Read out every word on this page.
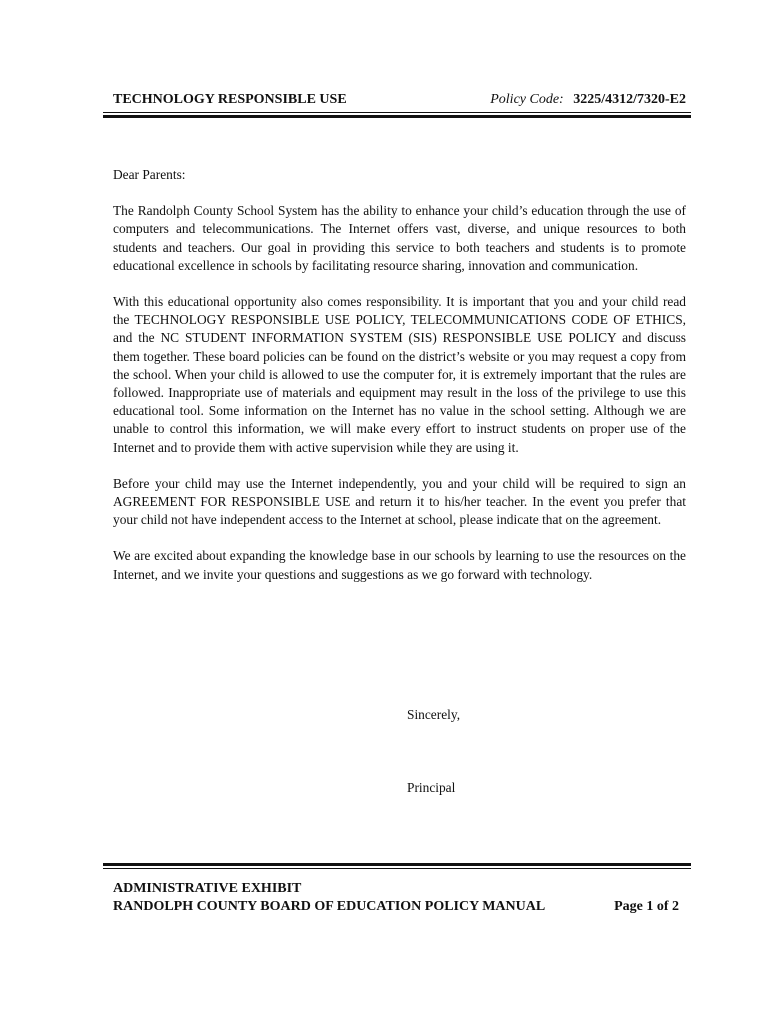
TECHNOLOGY RESPONSIBLE USE	Policy Code: 3225/4312/7320-E2

Dear Parents:

The Randolph County School System has the ability to enhance your child’s education through the use of computers and telecommunications. The Internet offers vast, diverse, and unique resources to both students and teachers. Our goal in providing this service to both teachers and students is to promote educational excellence in schools by facilitating resource sharing, innovation and communication.

With this educational opportunity also comes responsibility. It is important that you and your child read the TECHNOLOGY RESPONSIBLE USE POLICY, TELECOMMUNICATIONS CODE OF ETHICS, and the NC STUDENT INFORMATION SYSTEM (SIS) RESPONSIBLE USE POLICY and discuss them together. These board policies can be found on the district’s website or you may request a copy from the school. When your child is allowed to use the computer for, it is extremely important that the rules are followed. Inappropriate use of materials and equipment may result in the loss of the privilege to use this educational tool. Some information on the Internet has no value in the school setting. Although we are unable to control this information, we will make every effort to instruct students on proper use of the Internet and to provide them with active supervision while they are using it.

Before your child may use the Internet independently, you and your child will be required to sign an AGREEMENT FOR RESPONSIBLE USE and return it to his/her teacher. In the event you prefer that your child not have independent access to the Internet at school, please indicate that on the agreement.

We are excited about expanding the knowledge base in our schools by learning to use the resources on the Internet, and we invite your questions and suggestions as we go forward with technology.

Sincerely,
Principal
ADMINISTRATIVE EXHIBIT
RANDOLPH COUNTY BOARD OF EDUCATION POLICY MANUAL	Page 1 of 2
